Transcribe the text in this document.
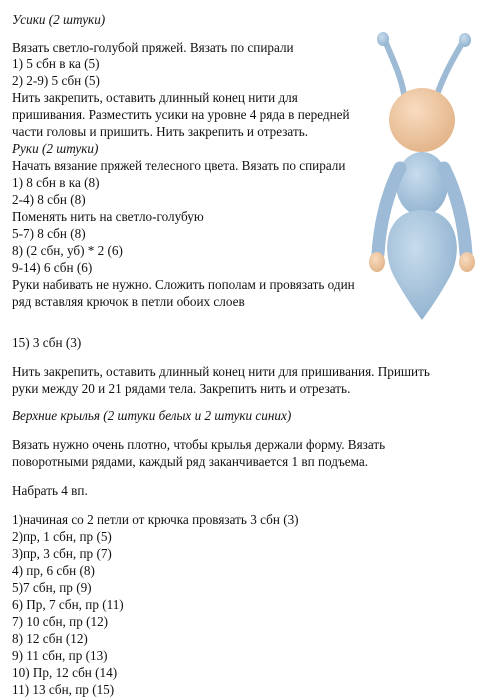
Усики (2 штуки)
Вязать светло-голубой пряжей. Вязать по спирали
1) 5 сбн в ка (5)
2) 2-9) 5 сбн (5)
Нить закрепить, оставить длинный конец нити для
пришивания. Разместить усики на уровне 4 ряда в передней
части головы и пришить. Нить закрепить и отрезать.
Руки (2 штуки)
Начать вязание пряжей телесного цвета. Вязать по спирали
1) 8 сбн в ка (8)
2-4) 8 сбн (8)
Поменять нить на светло-голубую
5-7) 8 сбн (8)
8) (2 сбн, уб) * 2 (6)
9-14) 6 сбн (6)
Руки набивать не нужно. Сложить пополам и провязать один
ряд вставляя крючок в петли обоих слоев
15) 3 сбн (3)
Нить закрепить, оставить длинный конец нити для пришивания. Пришить
руки между 20 и 21 рядами тела. Закрепить нить и отрезать.
Верхние крылья (2 штуки белых и 2 штуки синих)
Вязать нужно очень плотно, чтобы крылья держали форму. Вязать
поворотными рядами, каждый ряд заканчивается 1 вп подъема.
Набрать 4 вп.
1)начиная со 2 петли от крючка провязать 3 сбн (3)
2)пр, 1 сбн, пр (5)
3)пр, 3 сбн, пр (7)
4) пр, 6 сбн (8)
5)7 сбн, пр (9)
6) Пр, 7 сбн, пр (11)
7) 10 сбн, пр (12)
8) 12 сбн (12)
9) 11 сбн, пр (13)
10) Пр, 12 сбн (14)
11) 13 сбн, пр (15)
